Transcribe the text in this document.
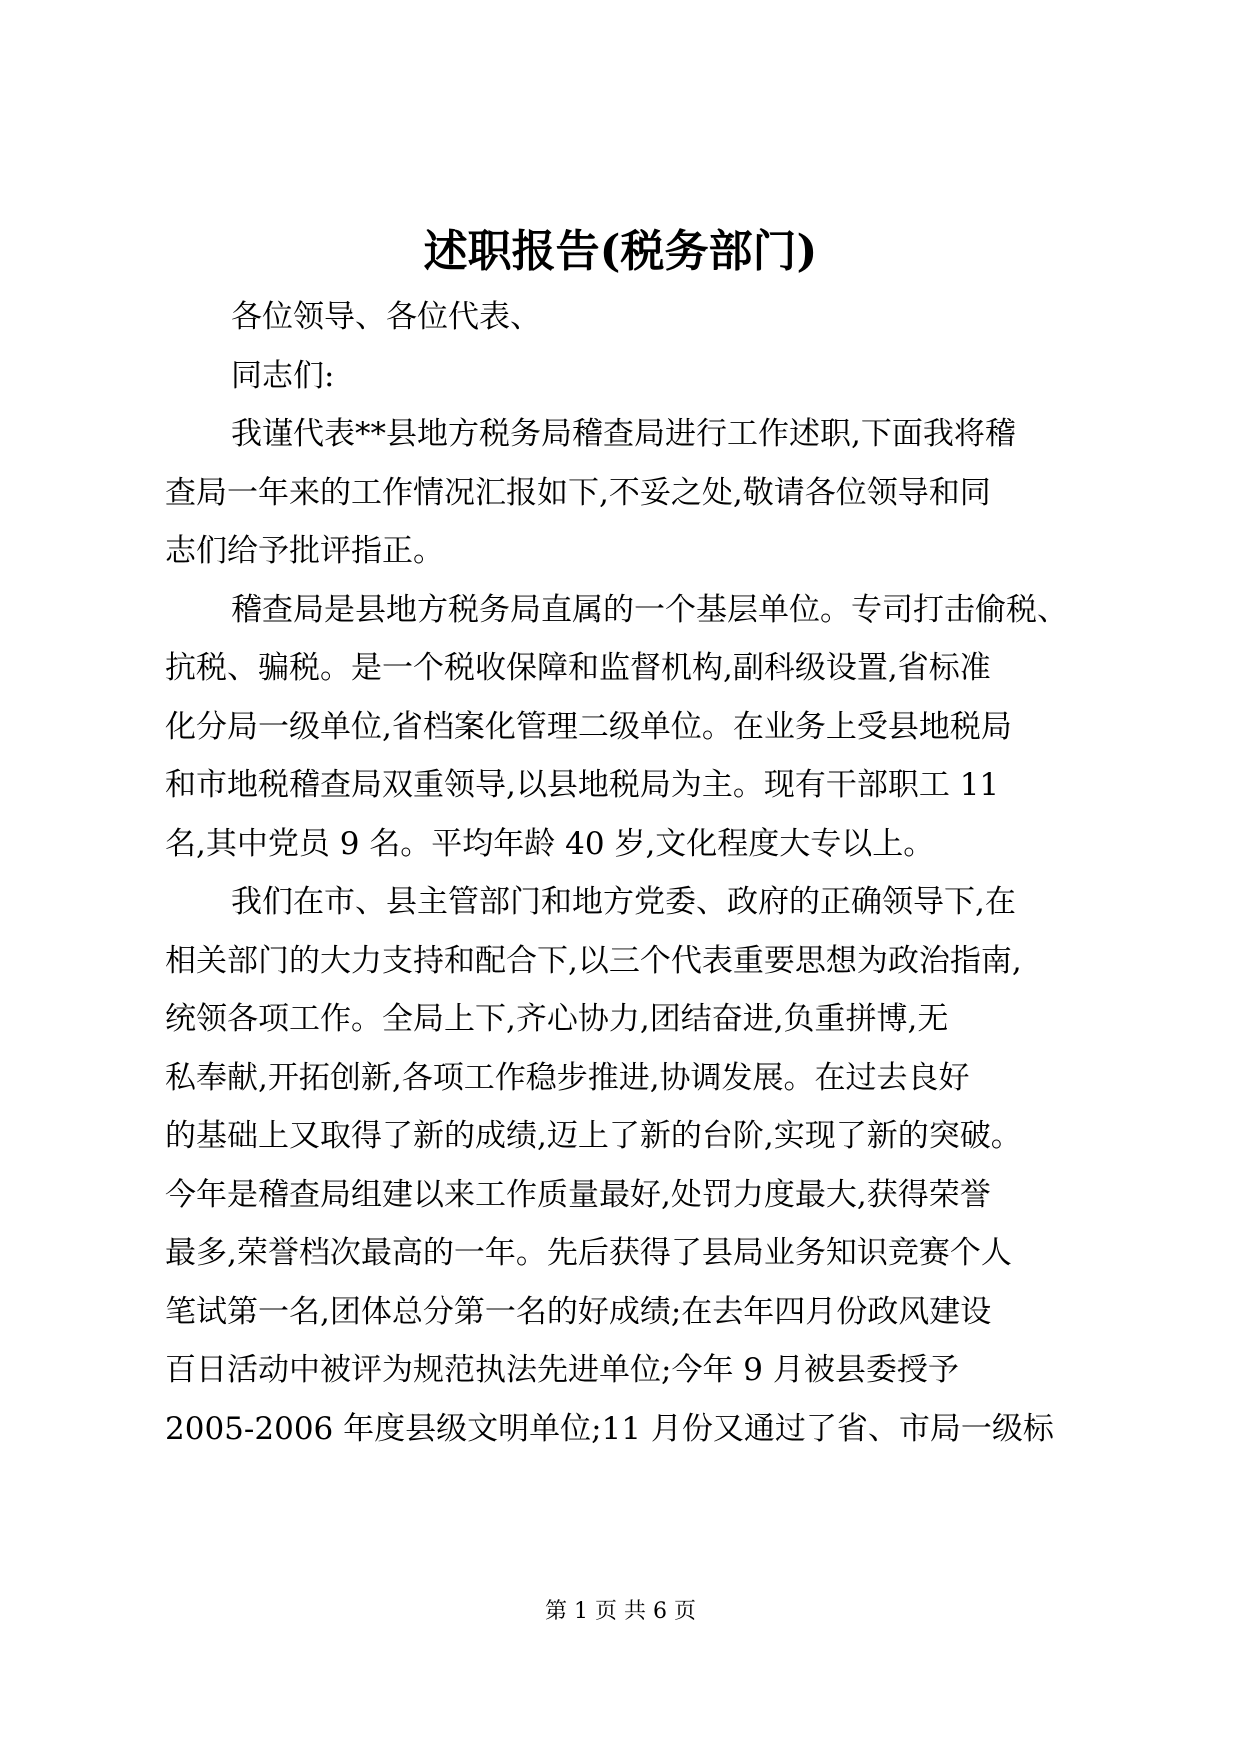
述职报告(税务部门)
各位领导、各位代表、
同志们:
我谨代表**县地方税务局稽查局进行工作述职,下面我将稽
查局一年来的工作情况汇报如下,不妥之处,敬请各位领导和同
志们给予批评指正。
稽查局是县地方税务局直属的一个基层单位。专司打击偷税、
抗税、骗税。是一个税收保障和监督机构,副科级设置,省标准
化分局一级单位,省档案化管理二级单位。在业务上受县地税局
和市地税稽查局双重领导,以县地税局为主。现有干部职工 11
名,其中党员 9 名。平均年龄 40 岁,文化程度大专以上。
我们在市、县主管部门和地方党委、政府的正确领导下,在
相关部门的大力支持和配合下,以三个代表重要思想为政治指南,
统领各项工作。全局上下,齐心协力,团结奋进,负重拼博,无
私奉献,开拓创新,各项工作稳步推进,协调发展。在过去良好
的基础上又取得了新的成绩,迈上了新的台阶,实现了新的突破。
今年是稽查局组建以来工作质量最好,处罚力度最大,获得荣誉
最多,荣誉档次最高的一年。先后获得了县局业务知识竞赛个人
笔试第一名,团体总分第一名的好成绩;在去年四月份政风建设
百日活动中被评为规范执法先进单位;今年 9 月被县委授予
2005-2006 年度县级文明单位;11 月份又通过了省、市局一级标
第 1 页 共 6 页
